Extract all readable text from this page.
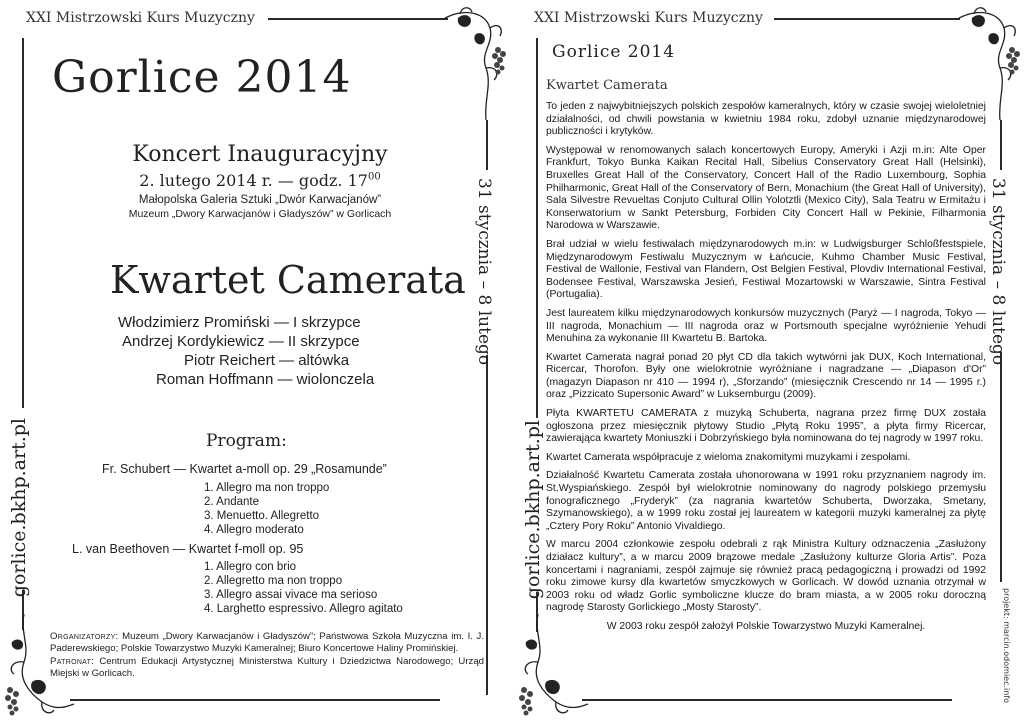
XXI Mistrzowski Kurs Muzyczny
Gorlice 2014
Koncert Inauguracyjny
2. lutego 2014 r. — godz. $17^{00}$
Małopolska Galeria Sztuki „Dwór Karwacjanów”
Muzeum „Dwory Karwacjanów i Gładyszów” w Gorlicach
Kwartet Camerata
Włodzimierz Promiński — I skrzypce
Andrzej Kordykiewicz — II skrzypce
Piotr Reichert — altówka
Roman Hoffmann — wiolonczela
Program:
Fr. Schubert — Kwartet a-moll op. 29 „Rosamunde”
1. Allegro ma non troppo
2. Andante
3. Menuetto. Allegretto
4. Allegro moderato
L. van Beethoven — Kwartet f-moll op. 95
1. Allegro con brio
2. Allegretto ma non troppo
3. Allegro assai vivace ma serioso
4. Larghetto espressivo. Allegro agitato
Organizatorzy: Muzeum „Dwory Karwacjanów i Gładyszów”; Państwowa Szkoła Muzyczna im. I. J. Paderewskiego; Polskie Towarzystwo Muzyki Kameralnej; Biuro Koncertowe Haliny Promińskiej.
Patronat: Centrum Edukacji Artystycznej Ministerstwa Kultury i Dziedzictwa Narodowego; Urząd Miejski w Gorlicach.
31 stycznia – 8 lutego
gorlice.bkhp.art.pl
XXI Mistrzowski Kurs Muzyczny
Gorlice 2014
Kwartet Camerata

To jeden z najwybitniejszych polskich zespołów kameralnych, który w czasie swojej wieloletniej działalności, od chwili powstania w kwietniu 1984 roku, zdobył uznanie międzynarodowej publiczności i krytyków.

Występował w renomowanych salach koncertowych Europy, Ameryki i Azji m.in: Alte Oper Frankfurt, Tokyo Bunka Kaikan Recital Hall, Sibelius Conservatory Great Hall (Helsinki), Bruxelles Great Hall of the Conservatory, Concert Hall of the Radio Luxembourg, Sophia Philharmonic, Great Hall of the Conservatory of Bern, Monachium (the Great Hall of University), Sala Silvestre Revueltas Conjuto Cultural Ollin Yolotztli (Mexico City), Sala Teatru w Ermitażu i Konserwatorium w Sankt Petersburg, Forbiden City Concert Hall w Pekinie, Filharmonia Narodowa w Warszawie.

Brał udział w wielu festiwalach międzynarodowych m.in: w Ludwigsburger Schloßfestspiele, Międzynarodowym Festiwalu Muzycznym w Łańcucie, Kuhmo Chamber Music Festival, Festival de Wallonie, Festival van Flandern, Ost Belgien Festival, Plovdiv International Festival, Bodensee Festival, Warszawska Jesień, Festiwal Mozartowski w Warszawie, Sintra Festival (Portugalia).

Jest laureatem kilku międzynarodowych konkursów muzycznych (Paryż — I nagroda, Tokyo — III nagroda, Monachium — III nagroda oraz w Portsmouth specjalne wyróżnienie Yehudi Menuhina za wykonanie III Kwartetu B. Bartoka.

Kwartet Camerata nagrał ponad 20 płyt CD dla takich wytwórni jak DUX, Koch International, Ricercar, Thorofon. Były one wielokrotnie wyróżniane i nagradzane — „Diapason d'Or” (magazyn Diapason nr 410 — 1994 r), „Sforzando” (miesięcznik Crescendo nr 14 — 1995 r.) oraz „Pizzicato Supersonic Award” w Luksemburgu (2009).

Płyta KWARTETU CAMERATA z muzyką Schuberta, nagrana przez firmę DUX została ogłoszona przez miesięcznik płytowy Studio „Płytą Roku 1995”, a płyta firmy Ricercar, zawierająca kwartety Moniuszki i Dobrzyńskiego była nominowana do tej nagrody w 1997 roku.

Kwartet Camerata współpracuje z wieloma znakomitymi muzykami i zespołami.

Działalność Kwartetu Camerata została uhonorowana w 1991 roku przyznaniem nagrody im. St.Wyspiańskiego. Zespół był wielokrotnie nominowany do nagrody polskiego przemysłu fonograficznego „Fryderyk” (za nagrania kwartetów Schuberta, Dworzaka, Smetany, Szymanowskiego), a w 1999 roku został jej laureatem w kategorii muzyki kameralnej za płytę „Cztery Pory Roku” Antonio Vivaldiego.

W marcu 2004 członkowie zespołu odebrali z rąk Ministra Kultury odznaczenia „Zasłużony działacz kultury”, a w marcu 2009 brązowe medale „Zasłużony kulturze Gloria Artis”. Poza koncertami i nagraniami, zespół zajmuje się również pracą pedagogiczną i prowadzi od 1992 roku zimowe kursy dla kwartetów smyczkowych w Gorlicach. W dowód uznania otrzymał w 2003 roku od władz Gorlic symboliczne klucze do bram miasta, a w 2005 roku doroczną nagrodę Starosty Gorlickiego „Mosty Starosty”.

W 2003 roku zespół założył Polskie Towarzystwo Muzyki Kameralnej.

31 stycznia – 8 lutego
gorlice.bkhp.art.pl
projekt: marcin.odomiec.info
